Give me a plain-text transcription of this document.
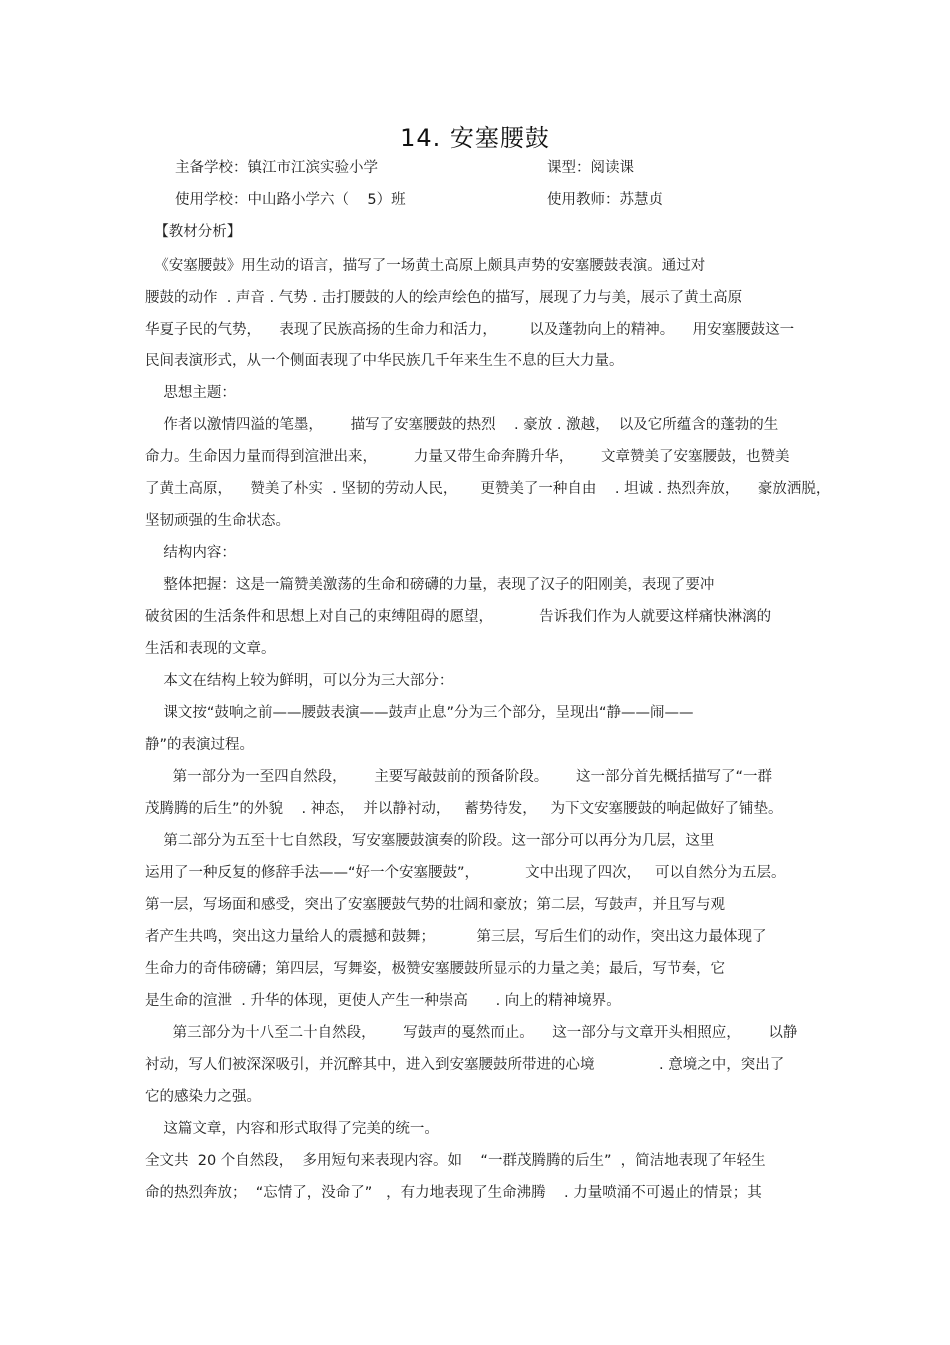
14. 安塞腰鼓
主备学校：镇江市江滨实验小学	课型：阅读课
使用学校：中山路小学六（    5）班	使用教师：苏慧贞
【教材分析】
《安塞腰鼓》用生动的语言，描写了一场黄土高原上颇具声势的安塞腰鼓表演。通过对
腰鼓的动作  . 声音 . 气势 . 击打腰鼓的人的绘声绘色的描写，展现了力与美，展示了黄土高原
华夏子民的气势，    表现了民族高扬的生命力和活力，       以及蓬勃向上的精神。    用安塞腰鼓这一
民间表演形式，从一个侧面表现了中华民族几千年来生生不息的巨大力量。
思想主题：
作者以激情四溢的笔墨，      描写了安塞腰鼓的热烈    . 豪放 . 激越，  以及它所蕴含的蓬勃的生
命力。生命因力量而得到渲泄出来，        力量又带生命奔腾升华，      文章赞美了安塞腰鼓，也赞美
了黄土高原，    赞美了朴实  . 坚韧的劳动人民，     更赞美了一种自由    . 坦诚 . 热烈奔放，    豪放洒脱，
坚韧顽强的生命状态。
结构内容：
整体把握：这是一篇赞美激荡的生命和磅礴的力量，表现了汉子的阳刚美，表现了要冲
破贫困的生活条件和思想上对自己的束缚阻碍的愿望，          告诉我们作为人就要这样痛快淋漓的
生活和表现的文章。
本文在结构上较为鲜明，可以分为三大部分：
课文按“鼓响之前——腰鼓表演——鼓声止息”分为三个部分，呈现出“静——闹——
静”的表演过程。
第一部分为一至四自然段，      主要写敲鼓前的预备阶段。      这一部分首先概括描写了“一群
茂腾腾的后生”的外貌    . 神态，  并以静衬动，   蓄势待发，   为下文安塞腰鼓的响起做好了铺垫。
第二部分为五至十七自然段，写安塞腰鼓演奏的阶段。这一部分可以再分为几层，这里
运用了一种反复的修辞手法——“好一个安塞腰鼓”，          文中出现了四次，   可以自然分为五层。
第一层，写场面和感受，突出了安塞腰鼓气势的壮阔和豪放；第二层，写鼓声，并且写与观
者产生共鸣，突出这力量给人的震撼和鼓舞；         第三层，写后生们的动作，突出这力最体现了
生命力的奇伟磅礴；第四层，写舞姿，极赞安塞腰鼓所显示的力量之美；最后，写节奏，它
是生命的渲泄  . 升华的体现，更使人产生一种崇高      . 向上的精神境界。
第三部分为十八至二十自然段，      写鼓声的戛然而止。    这一部分与文章开头相照应，      以静
衬动，写人们被深深吸引，并沉醉其中，进入到安塞腰鼓所带进的心境              . 意境之中，突出了
它的感染力之强。
这篇文章，内容和形式取得了完美的统一。
全文共  20 个自然段，  多用短句来表现内容。如    “一群茂腾腾的后生”  ，简洁地表现了年轻生
命的热烈奔放；  “忘情了，没命了”   ，有力地表现了生命沸腾    . 力量喷涌不可遏止的情景；其
